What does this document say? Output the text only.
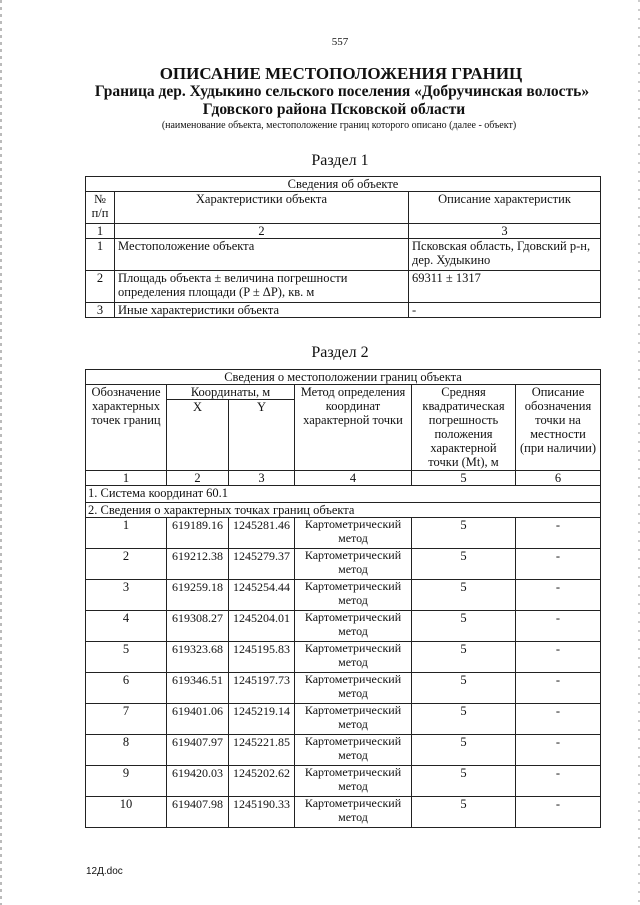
557
ОПИСАНИЕ МЕСТОПОЛОЖЕНИЯ ГРАНИЦ
Граница дер. Худыкино сельского поселения «Добручинская волость»
Гдовского района Псковской области
(наименование объекта, местоположение границ которого описано (далее - объект)
Раздел 1
Сведения об объекте		
№ п/п	Характеристики объекта	Описание характеристик
1	2	3
1	Местоположение объекта	Псковская область, Гдовский р-н, дер. Худыкино
2	Площадь объекта ± величина погрешности определения площади (P ± ΔP), кв. м	69311 ± 1317
3	Иные характеристики объекта	-
Раздел 2
Сведения о местоположении границ объекта					
Обозначение характерных точек границ	Координаты, м		Метод определения координат характерной точки	Средняя квадратическая погрешность положения характерной точки (Mt), м	Описание обозначения точки на местности (при наличии)
	X	Y			
1	2	3	4	5	6
1. Система координат 60.1					
2. Сведения о характерных точках границ объекта					
1	619189.16	1245281.46	Картометрический метод	5	-
2	619212.38	1245279.37	Картометрический метод	5	-
3	619259.18	1245254.44	Картометрический метод	5	-
4	619308.27	1245204.01	Картометрический метод	5	-
5	619323.68	1245195.83	Картометрический метод	5	-
6	619346.51	1245197.73	Картометрический метод	5	-
7	619401.06	1245219.14	Картометрический метод	5	-
8	619407.97	1245221.85	Картометрический метод	5	-
9	619420.03	1245202.62	Картометрический метод	5	-
10	619407.98	1245190.33	Картометрический метод	5	-
12Д.doc
